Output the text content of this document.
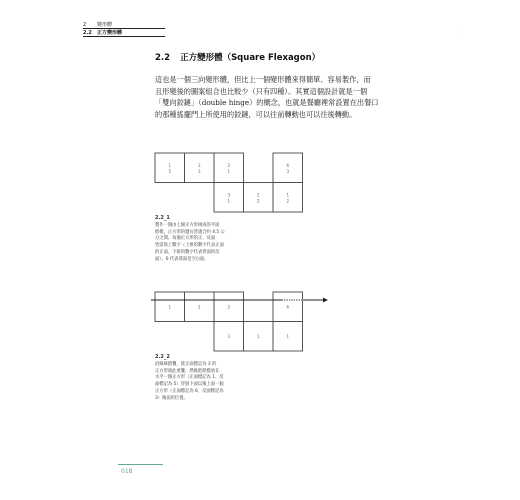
2 變形體
2.2 正方變形體	⋮
2.2 正方變形體（Square Flexagon）

這也是一個三向變形體，但比上一個變形體來得簡單、容易製作，而

且形變後的圖案組合也比較少（只有四種）。其實這個設計就是一個

「雙向鉸鏈」（double hinge）的概念，也就是餐廳裡常設置在出餐口

的那種搖擺門上所使用的鉸鏈，可以往前轉動也可以往後轉動。

1
2
2
2
3
1
6
3
2
1
3
3
1
5
2.2_1

製作一個由七個正方形組成的平面

紙模，正方形的邊長皆適合約 4.5 公

分之間。每個正方形的正、反面

皆需寫上數字（上排的數字代表正面

的正面，下排的數字代表背面的反

面）。0 代表那面是空白面。

1
1
3
6
2
2
1
2.2_2

沿線條摺疊，使正面標記為 3 的

正方形彼此重疊，然後把紙模放在

水平一個正方形（正面標記為 1、反

面標記為 5）穿過下面以後上面一個

正方形（正面標記為 6、反面標記為

3）後面的位置。

018
